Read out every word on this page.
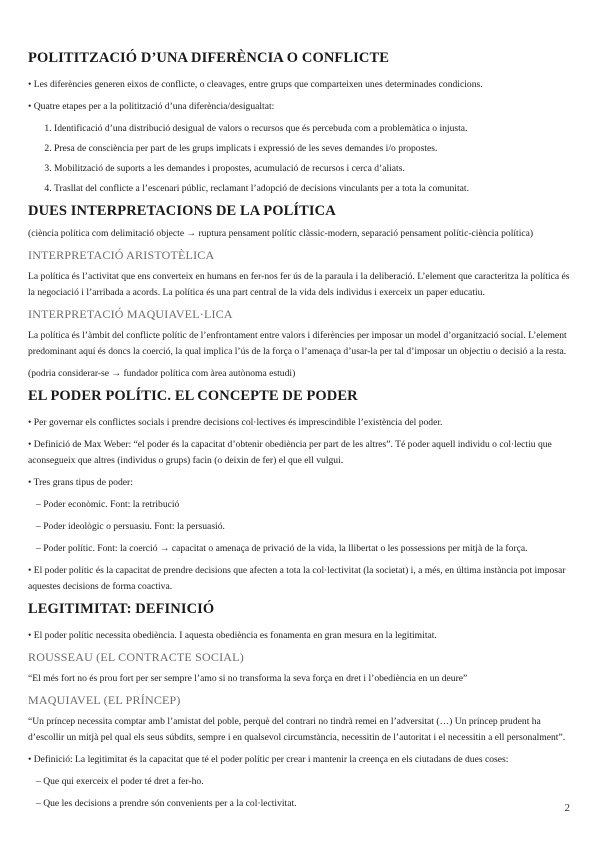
POLITITZACIÓ D’UNA DIFERÈNCIA O CONFLICTE
• Les diferències generen eixos de conflicte, o cleavages, entre grups que comparteixen unes determinades condicions.
• Quatre etapes per a la politització d’una diferència/desigualtat:
1. Identificació d’una distribució desigual de valors o recursos que és percebuda com a problemàtica o injusta.
2. Presa de consciència per part de les grups implicats i expressió de les seves demandes i/o propostes.
3. Mobilització de suports a les demandes i propostes, acumulació de recursos i cerca d’aliats.
4. Trasllat del conflicte a l’escenari públic, reclamant l’adopció de decisions vinculants per a tota la comunitat.
DUES INTERPRETACIONS DE LA POLÍTICA

(ciència política com delimitació objecte → ruptura pensament polític clàssic-modern, separació pensament polític-ciència política)

INTERPRETACIÓ ARISTOTÈLICA

La política és l’activitat que ens converteix en humans en fer-nos fer ús de la paraula i la deliberació. L’element que caracteritza la política és la negociació i l’arribada a acords. La política és una part central de la vida dels individus i exerceix un paper educatiu.

INTERPRETACIÓ MAQUIAVEL·LICA

La política és l’àmbit del conflicte polític de l’enfrontament entre valors i diferències per imposar un model d’organització social. L’element predominant aquí és doncs la coerció, la qual implica l’ús de la força o l’amenaça d’usar-la per tal d’imposar un objectiu o decisió a la resta.

(podria considerar-se → fundador política com àrea autònoma estudi)

EL PODER POLÍTIC. EL CONCEPTE DE PODER
• Per governar els conflictes socials i prendre decisions col·lectives és imprescindible l’existència del poder.
• Definició de Max Weber: “el poder és la capacitat d’obtenir obediència per part de les altres”. Té poder aquell individu o col·lectiu que aconsegueix que altres (individus o grups) facin (o deixin de fer) el que ell vulgui.
• Tres grans tipus de poder:
– Poder econòmic. Font: la retribució
– Poder ideològic o persuasiu. Font: la persuasió.
– Poder polític. Font: la coerció → capacitat o amenaça de privació de la vida, la llibertat o les possessions per mitjà de la força.
• El poder polític és la capacitat de prendre decisions que afecten a tota la col·lectivitat (la societat) i, a més, en última instància pot imposar aquestes decisions de forma coactiva.
LEGITIMITAT: DEFINICIÓ
• El poder polític necessita obediència. I aquesta obediència es fonamenta en gran mesura en la legitimitat.
ROUSSEAU (EL CONTRACTE SOCIAL)

“El més fort no és prou fort per ser sempre l’amo si no transforma la seva força en dret i l’obediència en un deure”

MAQUIAVEL (EL PRÍNCEP)

“Un príncep necessita comptar amb l’amistat del poble, perquè del contrari no tindrà remei en l’adversitat (…) Un príncep prudent ha d’escollir un mitjà pel qual els seus súbdits, sempre i en qualsevol circumstància, necessitin de l’autoritat i el necessitin a ell personalment”.

• Definició: La legitimitat és la capacitat que té el poder polític per crear i mantenir la creença en els ciutadans de dues coses:
– Que qui exerceix el poder té dret a fer-ho.
– Que les decisions a prendre són convenients per a la col·lectivitat.	2
